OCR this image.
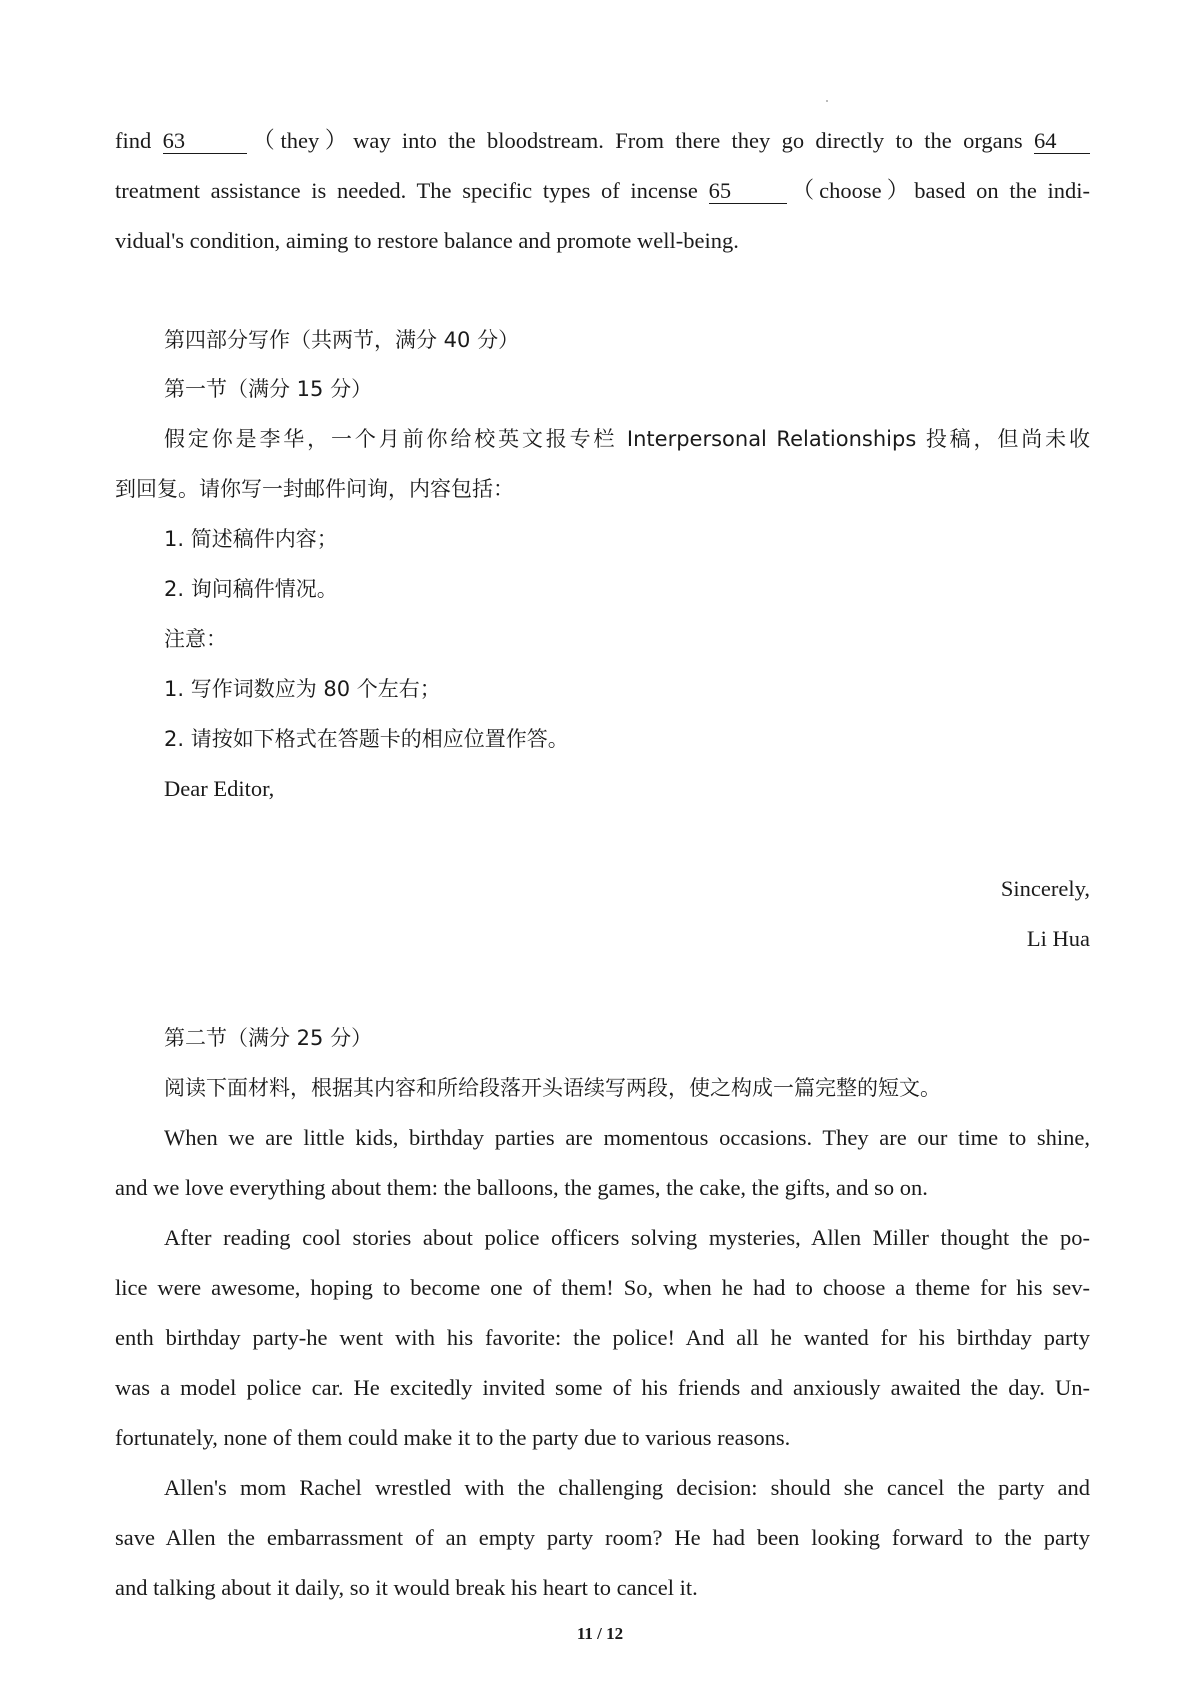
find 63	（they）way into the bloodstream. From there they go directly to the organs 64
treatment assistance is needed. The specific types of incense 65 （choose）based on the indi-
vidual's condition, aiming to restore balance and promote well-being.
第四部分写作（共两节，满分 40 分）
第一节（满分 15 分）
假定你是李华，一个月前你给校英文报专栏 Interpersonal Relationships 投稿，但尚未收
到回复。请你写一封邮件问询，内容包括：
1. 简述稿件内容；
2. 询问稿件情况。
注意：
1. 写作词数应为 80 个左右；
2. 请按如下格式在答题卡的相应位置作答。
Dear Editor,
Sincerely,
Li Hua
第二节（满分 25 分）
阅读下面材料，根据其内容和所给段落开头语续写两段，使之构成一篇完整的短文。
When we are little kids, birthday parties are momentous occasions. They are our time to shine,
and we love everything about them: the balloons, the games, the cake, the gifts, and so on.
After reading cool stories about police officers solving mysteries, Allen Miller thought the po-
lice were awesome, hoping to become one of them! So, when he had to choose a theme for his sev-
enth birthday party-he went with his favorite: the police! And all he wanted for his birthday party
was a model police car. He excitedly invited some of his friends and anxiously awaited the day. Un-
fortunately, none of them could make it to the party due to various reasons.
Allen's mom Rachel wrestled with the challenging decision: should she cancel the party and
save Allen the embarrassment of an empty party room? He had been looking forward to the party
and talking about it daily, so it would break his heart to cancel it.
11 / 12
